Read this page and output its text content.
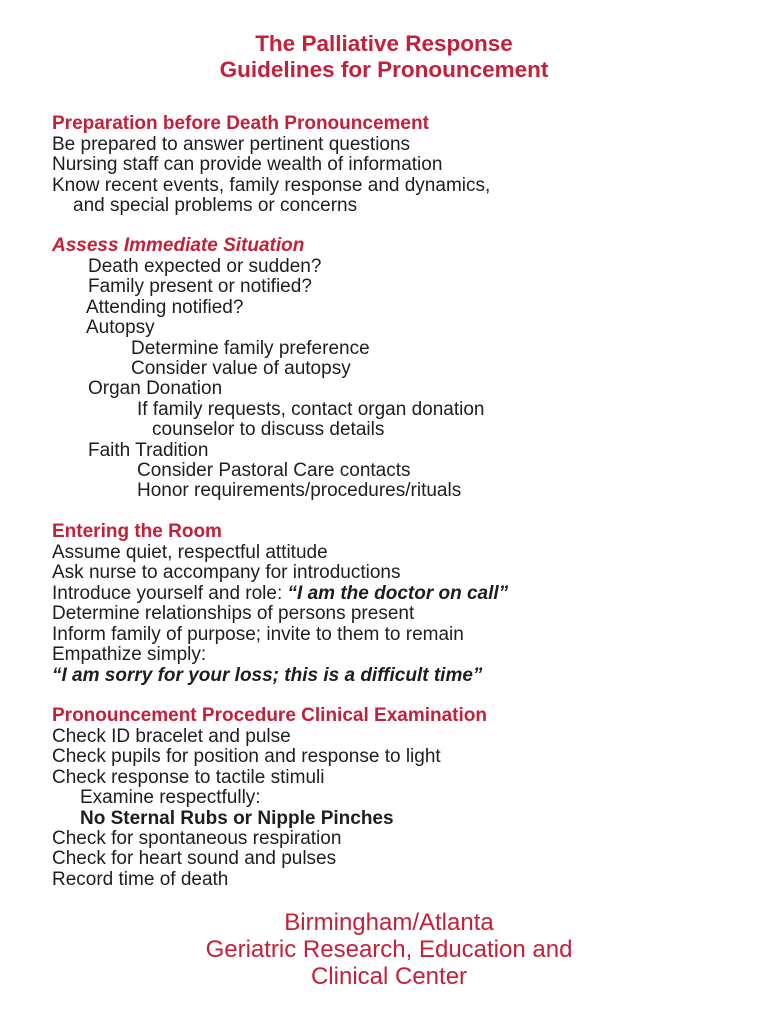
The Palliative Response
Guidelines for Pronouncement
Preparation before Death Pronouncement
Be prepared to answer pertinent questions
Nursing staff can provide wealth of information
Know recent events, family response and dynamics,
and special problems or concerns
Assess Immediate Situation
Death expected or sudden?
Family present or notified?
Attending notified?
Autopsy
Determine family preference
Consider value of autopsy
Organ Donation
If family requests, contact organ donation
counselor to discuss details
Faith Tradition
Consider Pastoral Care contacts
Honor requirements/procedures/rituals
Entering the Room
Assume quiet, respectful attitude
Ask nurse to accompany for introductions
Introduce yourself and role: “I am the doctor on call”
Determine relationships of persons present
Inform family of purpose; invite to them to remain
Empathize simply:
“I am sorry for your loss; this is a difficult time”
Pronouncement Procedure Clinical Examination
Check ID bracelet and pulse
Check pupils for position and response to light
Check response to tactile stimuli
Examine respectfully:
No Sternal Rubs or Nipple Pinches
Check for spontaneous respiration
Check for heart sound and pulses
Record time of death
Birmingham/Atlanta
Geriatric Research, Education and
Clinical Center
